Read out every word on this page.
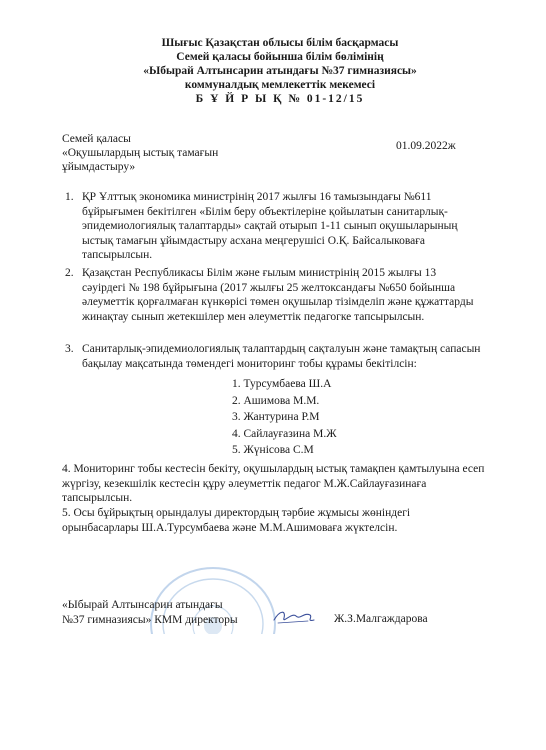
Шығыс Қазақстан облысы білім басқармасы
Семей қаласы бойынша білім бөлімінің
«Ыбырай Алтынсарин атындағы №37 гимназиясы»
коммуналдық мемлекеттік мекемесі
Б Ұ Й Р Ы Қ № 01-12/15
Семей қаласы
«Оқушылардың ыстық тамағын ұйымдастыру»
01.09.2022ж
1. ҚР Ұлттық экономика министрінің 2017 жылғы 16 тамызындағы №611 бұйрығымен бекітілген «Білім беру объектілеріне қойылатын санитарлық-эпидемиологиялық талаптарды» сақтай отырып 1-11 сынып оқушыларының ыстық тамағын ұйымдастыру асхана меңгерушісі О.Қ. Байсалыковаға тапсырылсын.
2. Қазақстан Республикасы Білім және ғылым министрінің 2015 жылғы 13 сәуірдегі № 198 бұйрығына (2017 жылғы 25 желтоксандағы №650 бойынша әлеуметтік қорғалмаған күнкөрісі төмен оқушылар тізімделіп және құжаттарды жинақтау сынып жетекшілер мен әлеуметтік педагогке тапсырылсын.
3. Санитарлық-эпидемиологиялық талаптардың сақталуын және тамақтың сапасын бақылау мақсатында төмендегі мониторинг тобы құрамы бекітілсін:
1. Турсумбаева Ш.А
2. Ашимова М.М.
3. Жантурина Р.М
4. Сайлауғазина М.Ж
5. Жүнісова С.М
4. Мониторинг тобы кестесін бекіту, оқушылардың ыстық тамақпен қамтылуына есеп жүргізу, кезекшілік кестесін құру әлеуметтік педагог М.Ж.Сайлауғазинаға тапсырылсын.
5. Осы бұйрықтың орындалуы директордың тәрбие жұмысы жөніндегі орынбасарлары Ш.А.Турсумбаева және М.М.Ашимоваға жүктелсін.
«Ыбырай Алтынсарин атындағы
№37 гимназиясы» КММ директоры	Ж.З.Малгаждарова
